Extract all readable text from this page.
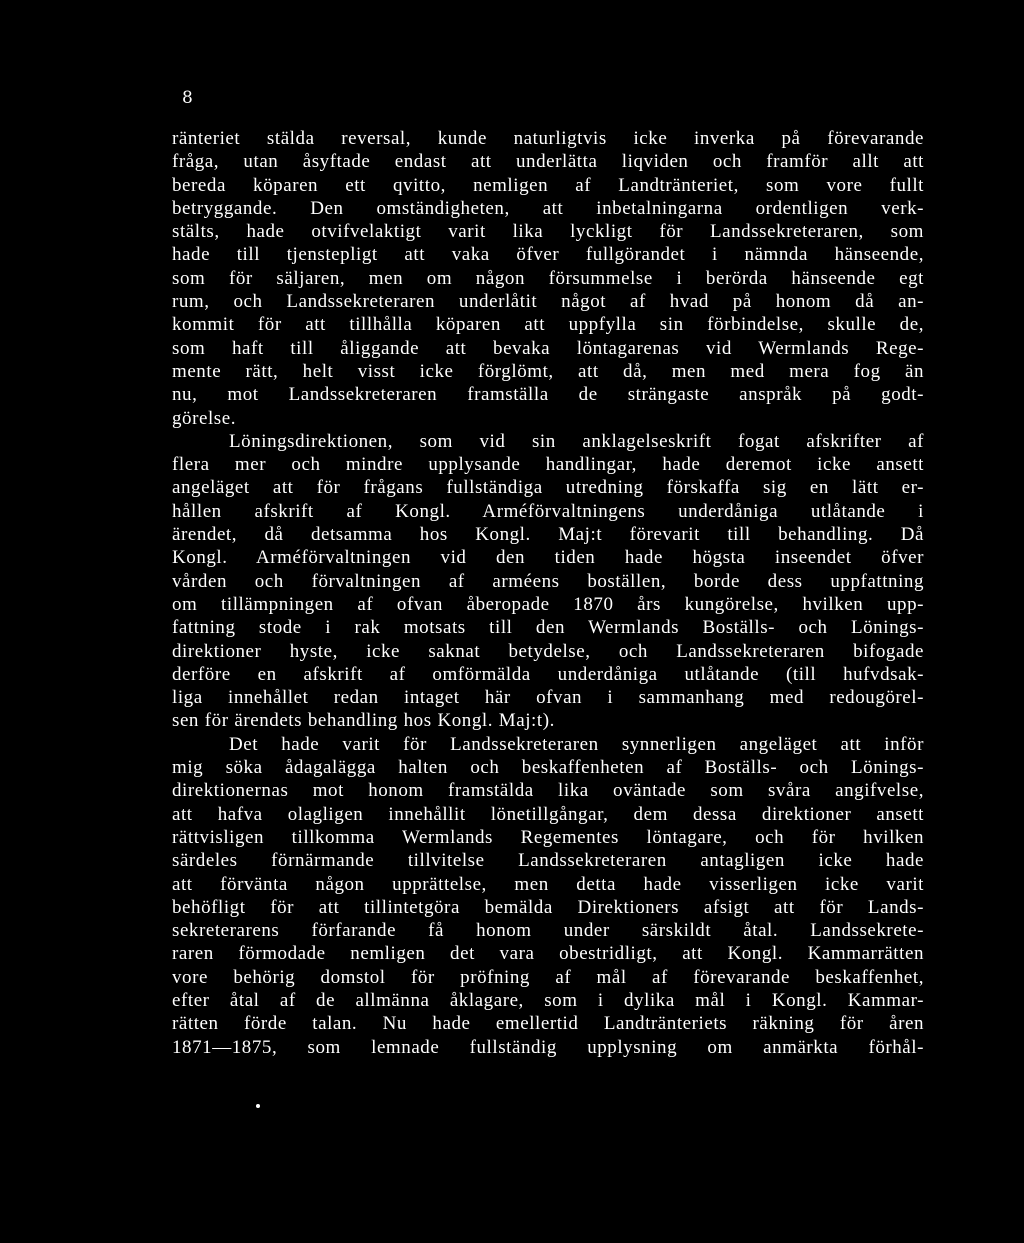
8

ränteriet stälda reversal, kunde naturligtvis icke inverka på förevarande
fråga, utan åsyftade endast att underlätta liqviden och framför allt att
bereda köparen ett qvitto, nemligen af Landtränteriet, som vore fullt
betryggande. Den omständigheten, att inbetalningarna ordentligen verk-
stälts, hade otvifvelaktigt varit lika lyckligt för Landssekreteraren, som
hade till tjenstepligt att vaka öfver fullgörandet i nämnda hänseende,
som för säljaren, men om någon försummelse i berörda hänseende egt
rum, och Landssekreteraren underlåtit något af hvad på honom då an-
kommit för att tillhålla köparen att uppfylla sin förbindelse, skulle de,
som haft till åliggande att bevaka löntagarenas vid Wermlands Rege-
mente rätt, helt visst icke förglömt, att då, men med mera fog än
nu, mot Landssekreteraren framställa de strängaste anspråk på godt-
görelse.
Löningsdirektionen, som vid sin anklagelseskrift fogat afskrifter af
flera mer och mindre upplysande handlingar, hade deremot icke ansett
angeläget att för frågans fullständiga utredning förskaffa sig en lätt er-
hållen afskrift af Kongl. Arméförvaltningens underdåniga utlåtande i
ärendet, då detsamma hos Kongl. Maj:t förevarit till behandling. Då
Kongl. Arméförvaltningen vid den tiden hade högsta inseendet öfver
vården och förvaltningen af arméens boställen, borde dess uppfattning
om tillämpningen af ofvan åberopade 1870 års kungörelse, hvilken upp-
fattning stode i rak motsats till den Wermlands Boställs- och Lönings-
direktioner hyste, icke saknat betydelse, och Landssekreteraren bifogade
derföre en afskrift af omförmälda underdåniga utlåtande (till hufvdsak-
liga innehållet redan intaget här ofvan i sammanhang med redougörel-
sen för ärendets behandling hos Kongl. Maj:t).
Det hade varit för Landssekreteraren synnerligen angeläget att inför
mig söka ådagalägga halten och beskaffenheten af Boställs- och Lönings-
direktionernas mot honom framstälda lika oväntade som svåra angifvelse,
att hafva olagligen innehållit lönetillgångar, dem dessa direktioner ansett
rättvisligen tillkomma Wermlands Regementes löntagare, och för hvilken
särdeles förnärmande tillvitelse Landssekreteraren antagligen icke hade
att förvänta någon upprättelse, men detta hade visserligen icke varit
behöfligt för att tillintetgöra bemälda Direktioners afsigt att för Lands-
sekreterarens förfarande få honom under särskildt åtal. Landssekrete-
raren förmodade nemligen det vara obestridligt, att Kongl. Kammarrätten
vore behörig domstol för pröfning af mål af förevarande beskaffenhet,
efter åtal af de allmänna åklagare, som i dylika mål i Kongl. Kammar-
rätten förde talan. Nu hade emellertid Landtränteriets räkning för åren
1871—1875, som lemnade fullständig upplysning om anmärkta förhål-
